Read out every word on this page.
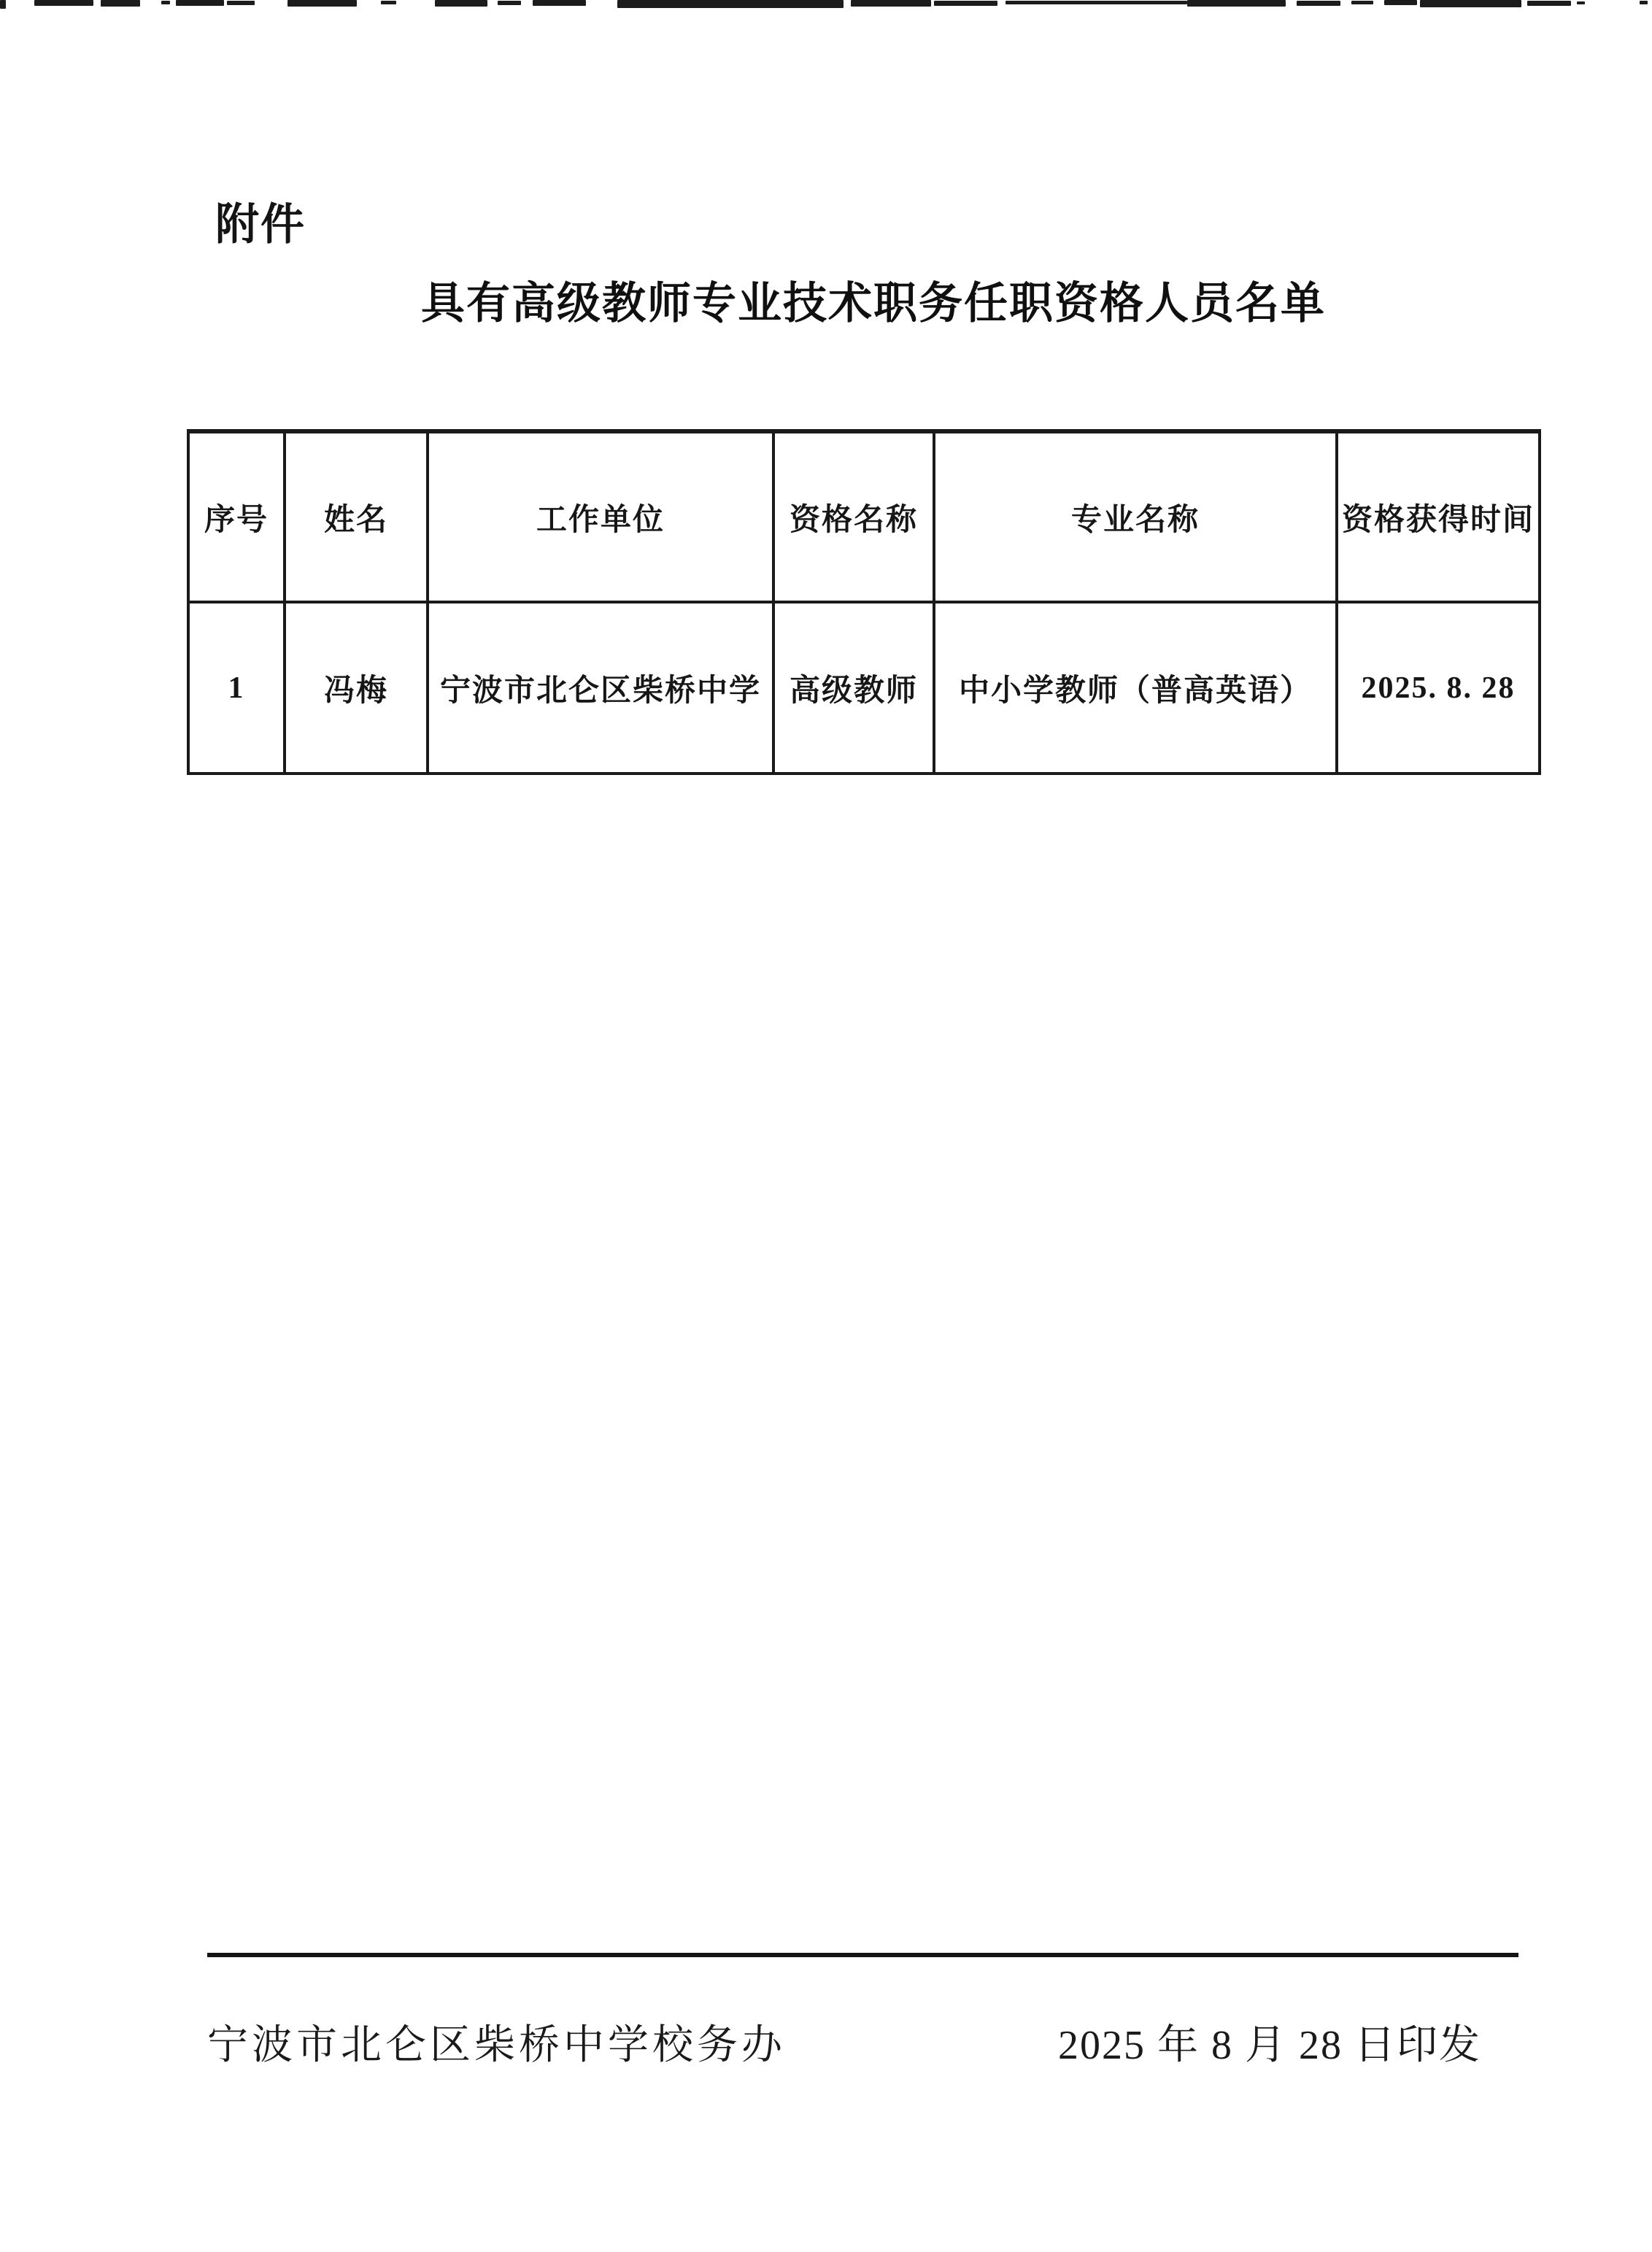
附件
具有高级教师专业技术职务任职资格人员名单
序号	姓名	工作单位	资格名称	专业名称	资格获得时间
1	冯梅	宁波市北仑区柴桥中学	高级教师	中小学教师（普高英语）	2025. 8. 28
宁波市北仑区柴桥中学校务办	2025 年 8 月 28 日印发
